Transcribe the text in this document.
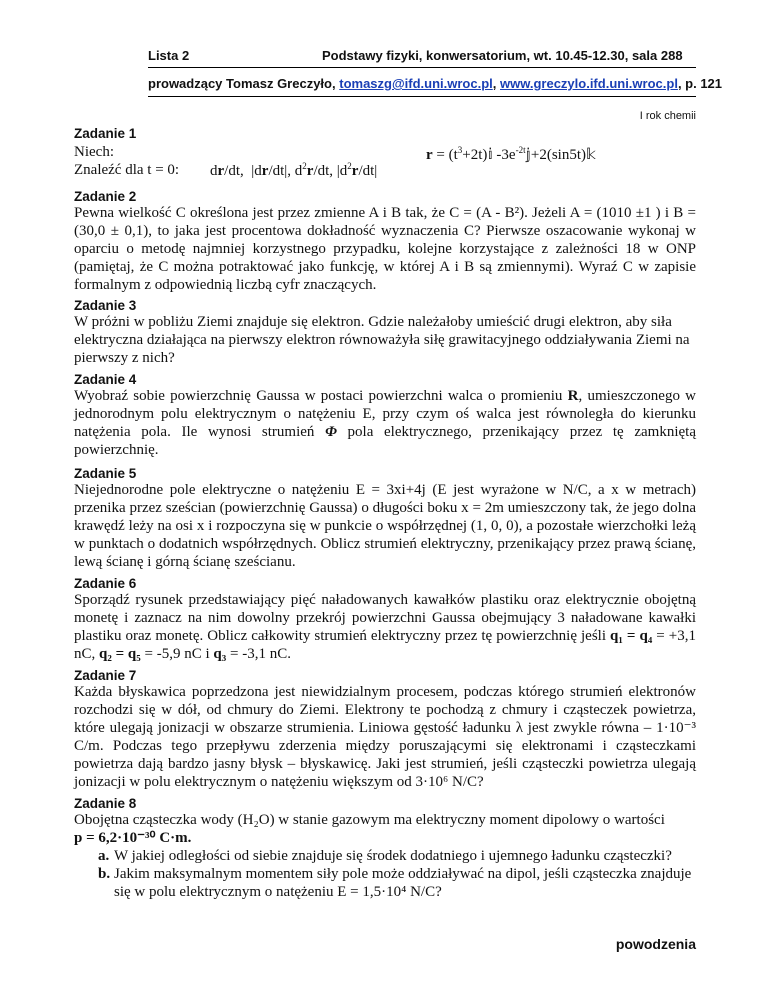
Lista 2	Podstawy fizyki, konwersatorium, wt. 10.45-12.30, sala 288
prowadzący Tomasz Greczyło, tomaszg@ifd.uni.wroc.pl, www.greczylo.ifd.uni.wroc.pl, p. 121
I rok chemii

Zadanie 1

Niech:

Znaleźć dla t = 0:

$r = (t^3+2t)𝕚$ $-3e^{-2t}𝕛+2(\sin 5t)𝕜$
dr/dt,  |dr/dt|, $d^2r/dt$, $|d^2r/dt|$

Zadanie 2

Pewna wielkość C określona jest przez zmienne A i B tak, że C = (A - B²). Jeżeli A = (1010 ±1 ) i B = (30,0 ± 0,1), to jaka jest procentowa dokładność wyznaczenia C? Pierwsze oszacowanie wykonaj w oparciu o metodę najmniej korzystnego przypadku, kolejne korzystające z zależności 18 w ONP (pamiętaj, że C można potraktować jako funkcję, w której A i B są zmiennymi). Wyraź C w zapisie formalnym z odpowiednią liczbą cyfr znaczących.

Zadanie 3

W próżni w pobliżu Ziemi znajduje się elektron. Gdzie należałoby umieścić drugi elektron, aby siła elektryczna działająca na pierwszy elektron równoważyła siłę grawitacyjnego oddziaływania Ziemi na pierwszy z nich?

Zadanie 4

Wyobraź sobie powierzchnię Gaussa w postaci powierzchni walca o promieniu R, umieszczonego w jednorodnym polu elektrycznym o natężeniu E, przy czym oś walca jest równoległa do kierunku natężenia pola. Ile wynosi strumień Φ pola elektrycznego, przenikający przez tę zamkniętą powierzchnię.

Zadanie 5

Niejednorodne pole elektryczne o natężeniu E = 3xi+4j (E jest wyrażone w N/C, a x w metrach) przenika przez sześcian (powierzchnię Gaussa) o długości boku x = 2m umieszczony tak, że jego dolna krawędź leży na osi x i rozpoczyna się w punkcie o współrzędnej (1, 0, 0), a pozostałe wierzchołki leżą w punktach o dodatnich współrzędnych. Oblicz strumień elektryczny, przenikający przez prawą ścianę, lewą ścianę i górną ścianę sześcianu.

Zadanie 6

Sporządź rysunek przedstawiający pięć naładowanych kawałków plastiku oraz elektrycznie obojętną monetę i zaznacz na nim dowolny przekrój powierzchni Gaussa obejmujący 3 naładowane kawałki plastiku oraz monetę. Oblicz całkowity strumień elektryczny przez tę powierzchnię jeśli q₁ = q₄ = +3,1 nC, q₂ = q₅ = -5,9 nC i q₃ = -3,1 nC.

Zadanie 7

Każda błyskawica poprzedzona jest niewidzialnym procesem, podczas którego strumień elektronów rozchodzi się w dół, od chmury do Ziemi. Elektrony te pochodzą z chmury i cząsteczek powietrza, które ulegają jonizacji w obszarze strumienia. Liniowa gęstość ładunku λ jest zwykle równa – 1·10⁻³ C/m. Podczas tego przepływu zderzenia między poruszającymi się elektronami i cząsteczkami powietrza dają bardzo jasny błysk – błyskawicę. Jaki jest strumień, jeśli cząsteczki powietrza ulegają jonizacji w polu elektrycznym o natężeniu większym od 3·10⁶ N/C?

Zadanie 8

Obojętna cząsteczka wody (H₂O) w stanie gazowym ma elektryczny moment dipolowy o wartości

p = 6,2·10⁻³⁰ C·m.

a. W jakiej odległości od siebie znajduje się środek dodatniego i ujemnego ładunku cząsteczki?
b. Jakim maksymalnym momentem siły pole może oddziaływać na dipol, jeśli cząsteczka znajduje się w polu elektrycznym o natężeniu E = 1,5·10⁴ N/C?
powodzenia
